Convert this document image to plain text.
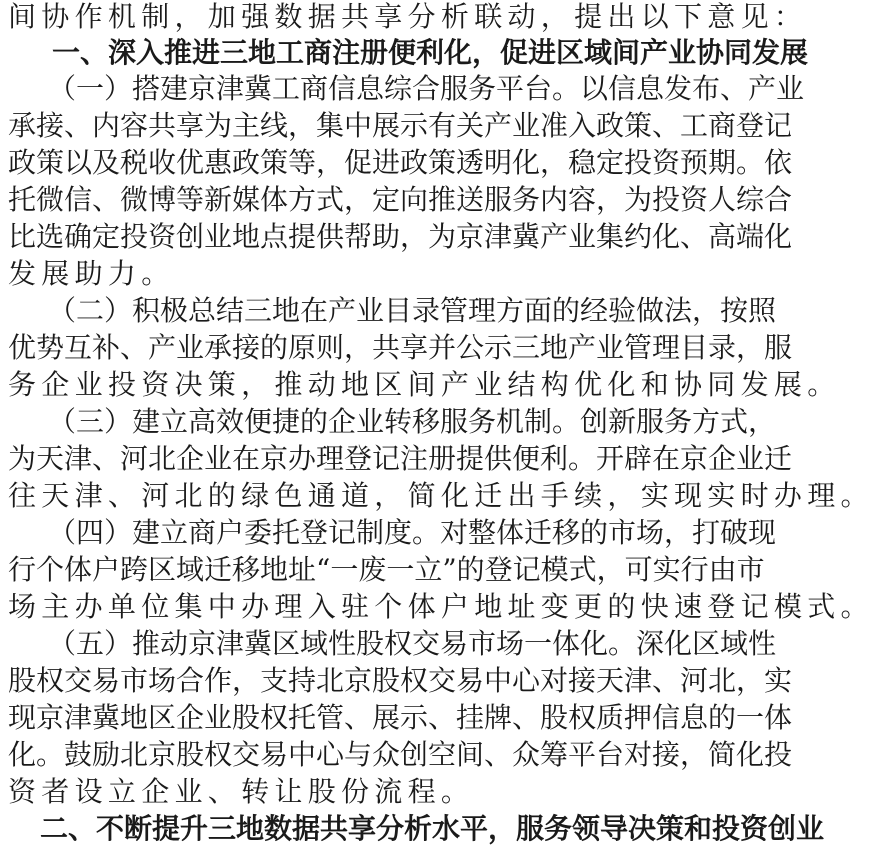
间协作机制，加强数据共享分析联动，提出以下意见：
一、深入推进三地工商注册便利化，促进区域间产业协同发展
（一）搭建京津冀工商信息综合服务平台。以信息发布、产业
承接、内容共享为主线，集中展示有关产业准入政策、工商登记
政策以及税收优惠政策等，促进政策透明化，稳定投资预期。依
托微信、微博等新媒体方式，定向推送服务内容，为投资人综合
比选确定投资创业地点提供帮助，为京津冀产业集约化、高端化
发展助力。
（二）积极总结三地在产业目录管理方面的经验做法，按照
优势互补、产业承接的原则，共享并公示三地产业管理目录，服
务企业投资决策，推动地区间产业结构优化和协同发展。
（三）建立高效便捷的企业转移服务机制。创新服务方式，
为天津、河北企业在京办理登记注册提供便利。开辟在京企业迁
往天津、河北的绿色通道，简化迁出手续，实现实时办理。
（四）建立商户委托登记制度。对整体迁移的市场，打破现
行个体户跨区域迁移地址“一废一立”的登记模式，可实行由市
场主办单位集中办理入驻个体户地址变更的快速登记模式。
（五）推动京津冀区域性股权交易市场一体化。深化区域性
股权交易市场合作，支持北京股权交易中心对接天津、河北，实
现京津冀地区企业股权托管、展示、挂牌、股权质押信息的一体
化。鼓励北京股权交易中心与众创空间、众筹平台对接，简化投
资者设立企业、转让股份流程。
二、不断提升三地数据共享分析水平，服务领导决策和投资创业
